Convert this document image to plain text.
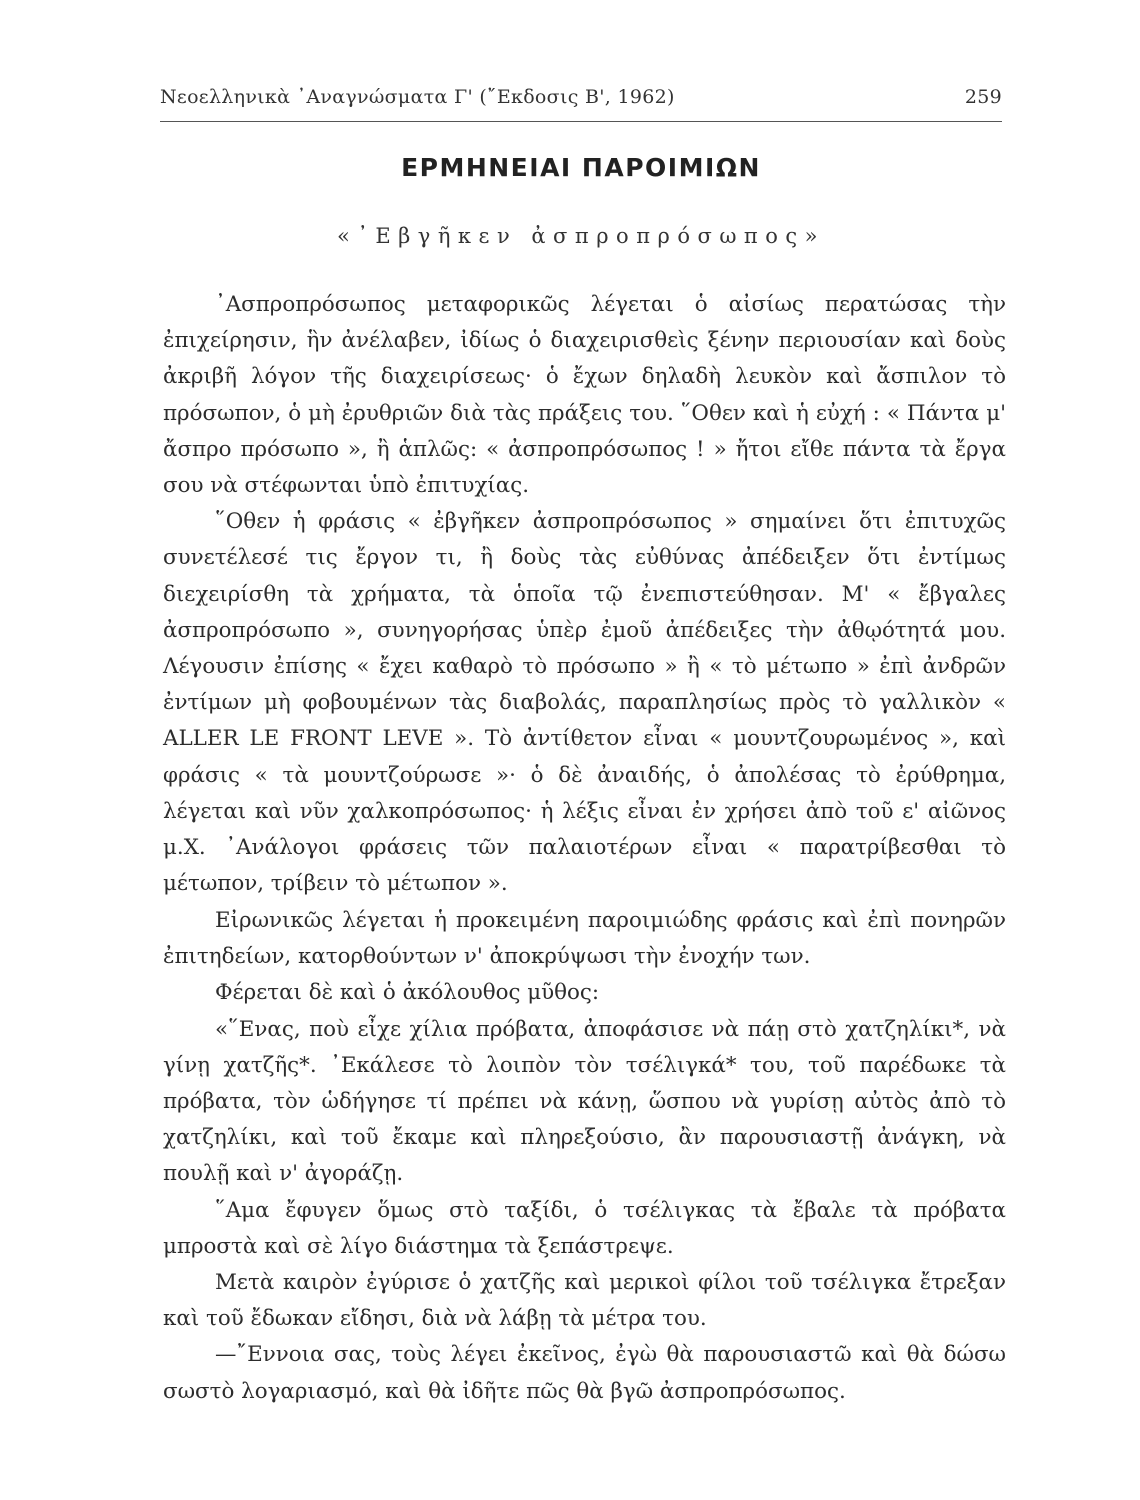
Νεοελληνικὰ ᾿Αναγνώσματα Γ' (῎Εκδοσις Β', 1962)	259
ΕΡΜΗΝΕΙΑΙ ΠΑΡΟΙΜΙΩΝ
«᾿Εβγῆκεν ἀσπροπρόσωπος»

᾿Ασπροπρόσωπος μεταφορικῶς λέγεται ὁ αἰσίως περατώσας τὴν ἐπιχείρησιν, ἣν ἀνέλαβεν, ἰδίως ὁ διαχειρισθεὶς ξένην περιουσίαν καὶ δοὺς ἀκριβῆ λόγον τῆς διαχειρίσεως· ὁ ἔχων δηλαδὴ λευκὸν καὶ ἄσπιλον τὸ πρόσωπον, ὁ μὴ ἐρυθριῶν διὰ τὰς πράξεις του. ῞Οθεν καὶ ἡ εὐχή : « Πάντα μ' ἄσπρο πρόσωπο », ἢ ἁπλῶς: « ἀσπροπρόσωπος ! » ἤτοι εἴθε πάντα τὰ ἔργα σου νὰ στέφωνται ὑπὸ ἐπιτυχίας.

῞Οθεν ἡ φράσις « ἐβγῆκεν ἀσπροπρόσωπος » σημαίνει ὅτι ἐπιτυχῶς συνετέλεσέ τις ἔργον τι, ἢ δοὺς τὰς εὐθύνας ἀπέδειξεν ὅτι ἐντίμως διεχειρίσθη τὰ χρήματα, τὰ ὁποῖα τῷ ἐνεπιστεύθησαν. Μ' « ἔβγαλες ἀσπροπρόσωπο », συνηγορήσας ὑπὲρ ἐμοῦ ἀπέδειξες τὴν ἀθῳότητά μου. Λέγουσιν ἐπίσης « ἔχει καθαρὸ τὸ πρόσωπο » ἢ « τὸ μέτωπο » ἐπὶ ἀνδρῶν ἐντίμων μὴ φοβουμένων τὰς διαβολάς, παραπλησίως πρὸς τὸ γαλλικὸν « ALLER LE FRONT LEVE ». Τὸ ἀντίθετον εἶναι « μουντζουρωμένος », καὶ φράσις « τὰ μουντζούρωσε »· ὁ δὲ ἀναιδής, ὁ ἀπολέσας τὸ ἐρύθρημα, λέγεται καὶ νῦν χαλκοπρόσωπος· ἡ λέξις εἶναι ἐν χρήσει ἀπὸ τοῦ ε' αἰῶνος μ.Χ. ᾿Ανάλογοι φράσεις τῶν παλαιοτέρων εἶναι « παρατρίβεσθαι τὸ μέτωπον, τρίβειν τὸ μέτωπον ».

Εἰρωνικῶς λέγεται ἡ προκειμένη παροιμιώδης φράσις καὶ ἐπὶ πονηρῶν ἐπιτηδείων, κατορθούντων ν' ἀποκρύψωσι τὴν ἐνοχήν των.

Φέρεται δὲ καὶ ὁ ἀκόλουθος μῦθος:

«῞Ενας, ποὺ εἶχε χίλια πρόβατα, ἀποφάσισε νὰ πάῃ στὸ χατζηλίκι*, νὰ γίνῃ χατζῆς*. ᾿Εκάλεσε τὸ λοιπὸν τὸν τσέλιγκά* του, τοῦ παρέδωκε τὰ πρόβατα, τὸν ὡδήγησε τί πρέπει νὰ κάνῃ, ὥσπου νὰ γυρίσῃ αὐτὸς ἀπὸ τὸ χατζηλίκι, καὶ τοῦ ἔκαμε καὶ πληρεξούσιο, ἂν παρουσιαστῇ ἀνάγκη, νὰ πουλῇ καὶ ν' ἀγοράζῃ.

῞Αμα ἔφυγεν ὅμως στὸ ταξίδι, ὁ τσέλιγκας τὰ ἔβαλε τὰ πρόβατα μπροστὰ καὶ σὲ λίγο διάστημα τὰ ξεπάστρεψε.

Μετὰ καιρὸν ἐγύρισε ὁ χατζῆς καὶ μερικοὶ φίλοι τοῦ τσέλιγκα ἔτρεξαν καὶ τοῦ ἔδωκαν εἴδησι, διὰ νὰ λάβῃ τὰ μέτρα του.

—῎Εννοια σας, τοὺς λέγει ἐκεῖνος, ἐγὼ θὰ παρουσιαστῶ καὶ θὰ δώσω σωστὸ λογαριασμό, καὶ θὰ ἰδῆτε πῶς θὰ βγῶ ἀσπροπρόσωπος.
